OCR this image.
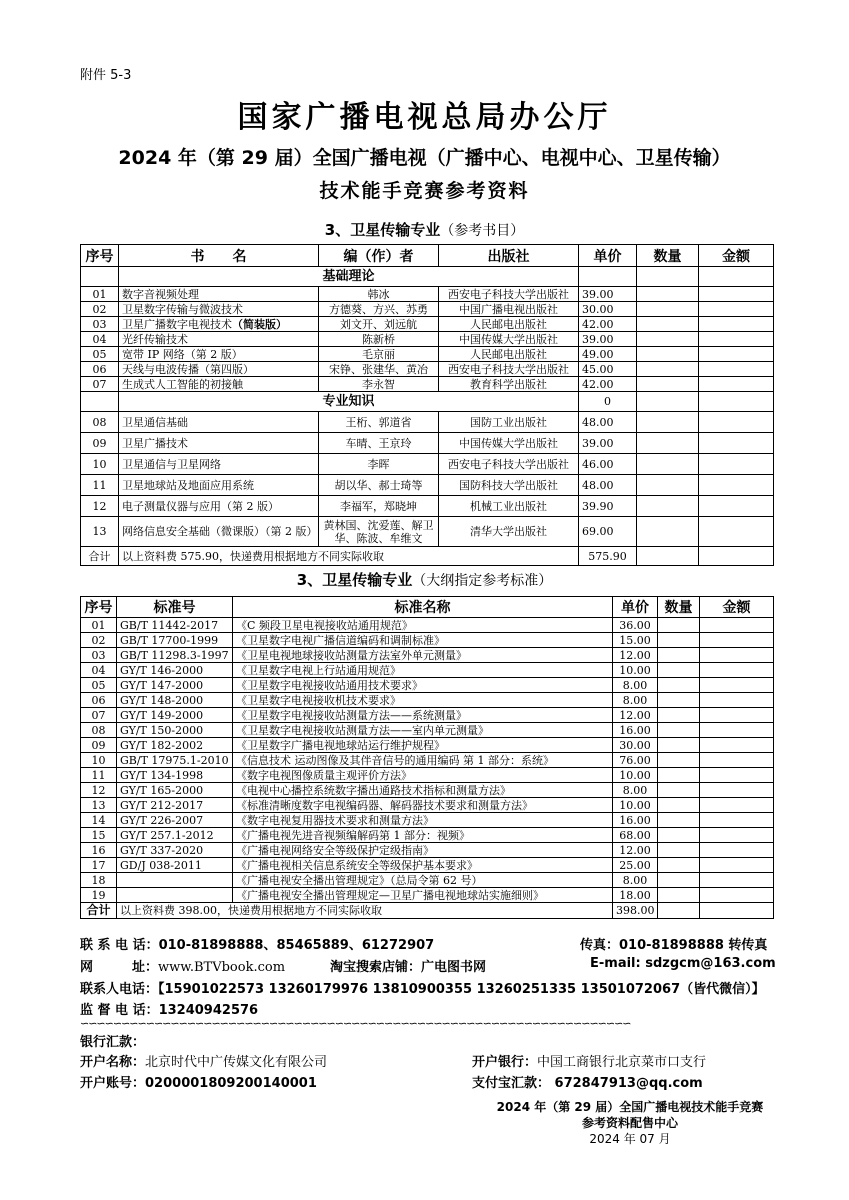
附件 5-3
国家广播电视总局办公厅
2024 年（第 29 届）全国广播电视（广播中心、电视中心、卫星传输）
技术能手竞赛参考资料
3、卫星传输专业（参考书目）
序号	书　　名	编（作）者	出版社	单价	数量	金额
	基础理论					
01	数字音视频处理	韩冰	西安电子科技大学出版社	39.00		
02	卫星数字传输与微波技术	方德葵、方兴、苏勇	中国广播电视出版社	30.00		
03	卫星广播数字电视技术（简装版）	刘文开、刘远航	人民邮电出版社	42.00		
04	光纤传输技术	陈新桥	中国传媒大学出版社	39.00		
05	宽带 IP 网络（第 2 版）	毛京丽	人民邮电出版社	49.00		
06	天线与电波传播（第四版）	宋铮、张建华、黄冶	西安电子科技大学出版社	45.00		
07	生成式人工智能的初接触	李永智	教育科学出版社	42.00		
	专业知识			0		
08	卫星通信基础	王桁、郭道省	国防工业出版社	48.00		
09	卫星广播技术	车晴、王京玲	中国传媒大学出版社	39.00		
10	卫星通信与卫星网络	李晖	西安电子科技大学出版社	46.00		
11	卫星地球站及地面应用系统	胡以华、郝士琦等	国防科技大学出版社	48.00		
12	电子测量仪器与应用（第 2 版）	李福军，郑晓坤	机械工业出版社	39.90		
13	网络信息安全基础（微课版）（第 2 版）	黄林国、沈爱莲、解卫华、陈波、牟维文	清华大学出版社	69.00		
合计	以上资料费 575.90，快递费用根据地方不同实际收取			575.90		
3、卫星传输专业（大纲指定参考标准）
序号	标准号	标准名称	单价	数量	金额
01	GB/T 11442-2017	《C 频段卫星电视接收站通用规范》	36.00		
02	GB/T 17700-1999	《卫星数字电视广播信道编码和调制标准》	15.00		
03	GB/T 11298.3-1997	《卫星电视地球接收站测量方法室外单元测量》	12.00		
04	GY/T 146-2000	《卫星数字电视上行站通用规范》	10.00		
05	GY/T 147-2000	《卫星数字电视接收站通用技术要求》	8.00		
06	GY/T 148-2000	《卫星数字电视接收机技术要求》	8.00		
07	GY/T 149-2000	《卫星数字电视接收站测量方法——系统测量》	12.00		
08	GY/T 150-2000	《卫星数字电视接收站测量方法——室内单元测量》	16.00		
09	GY/T 182-2002	《卫星数字广播电视地球站运行维护规程》	30.00		
10	GB/T 17975.1-2010	《信息技术 运动图像及其伴音信号的通用编码 第 1 部分：系统》	76.00		
11	GY/T 134-1998	《数字电视图像质量主观评价方法》	10.00		
12	GY/T 165-2000	《电视中心播控系统数字播出通路技术指标和测量方法》	8.00		
13	GY/T 212-2017	《标准清晰度数字电视编码器、解码器技术要求和测量方法》	10.00		
14	GY/T 226-2007	《数字电视复用器技术要求和测量方法》	16.00		
15	GY/T 257.1-2012	《广播电视先进音视频编解码第 1 部分：视频》	68.00		
16	GY/T 337-2020	《广播电视网络安全等级保护定级指南》	12.00		
17	GD/J 038-2011	《广播电视相关信息系统安全等级保护基本要求》	25.00		
18		《广播电视安全播出管理规定》（总局令第 62 号）	8.00		
19		《广播电视安全播出管理规定—卫星广播电视地球站实施细则》	18.00		
合计	以上资料费 398.00，快递费用根据地方不同实际收取		398.00		
联 系 电 话：010-81898888、85465889、61272907	传真：010-81898888 转传真
网　　　址：www.BTVbook.com	淘宝搜索店铺：广电图书网	E-mail: sdzgcm@163.com
联系人电话：【15901022573 13260179976 13810900355 13260251335 13501072067（皆代微信）】
监 督 电 话：13240942576
∽∽∽∽∽∽∽∽∽∽∽∽∽∽∽∽∽∽∽∽∽∽∽∽∽∽∽∽∽∽∽∽∽∽∽∽∽∽∽∽∽∽∽∽∽∽∽∽∽∽∽∽∽∽∽∽∽∽∽∽∽∽∽∽∽∽∽
银行汇款：
开户名称：北京时代中广传媒文化有限公司	开户银行：中国工商银行北京菜市口支行
开户账号：0200001809200140001	支付宝汇款： 672847913@qq.com
2024 年（第 29 届）全国广播电视技术能手竞赛
参考资料配售中心
2024 年 07 月
